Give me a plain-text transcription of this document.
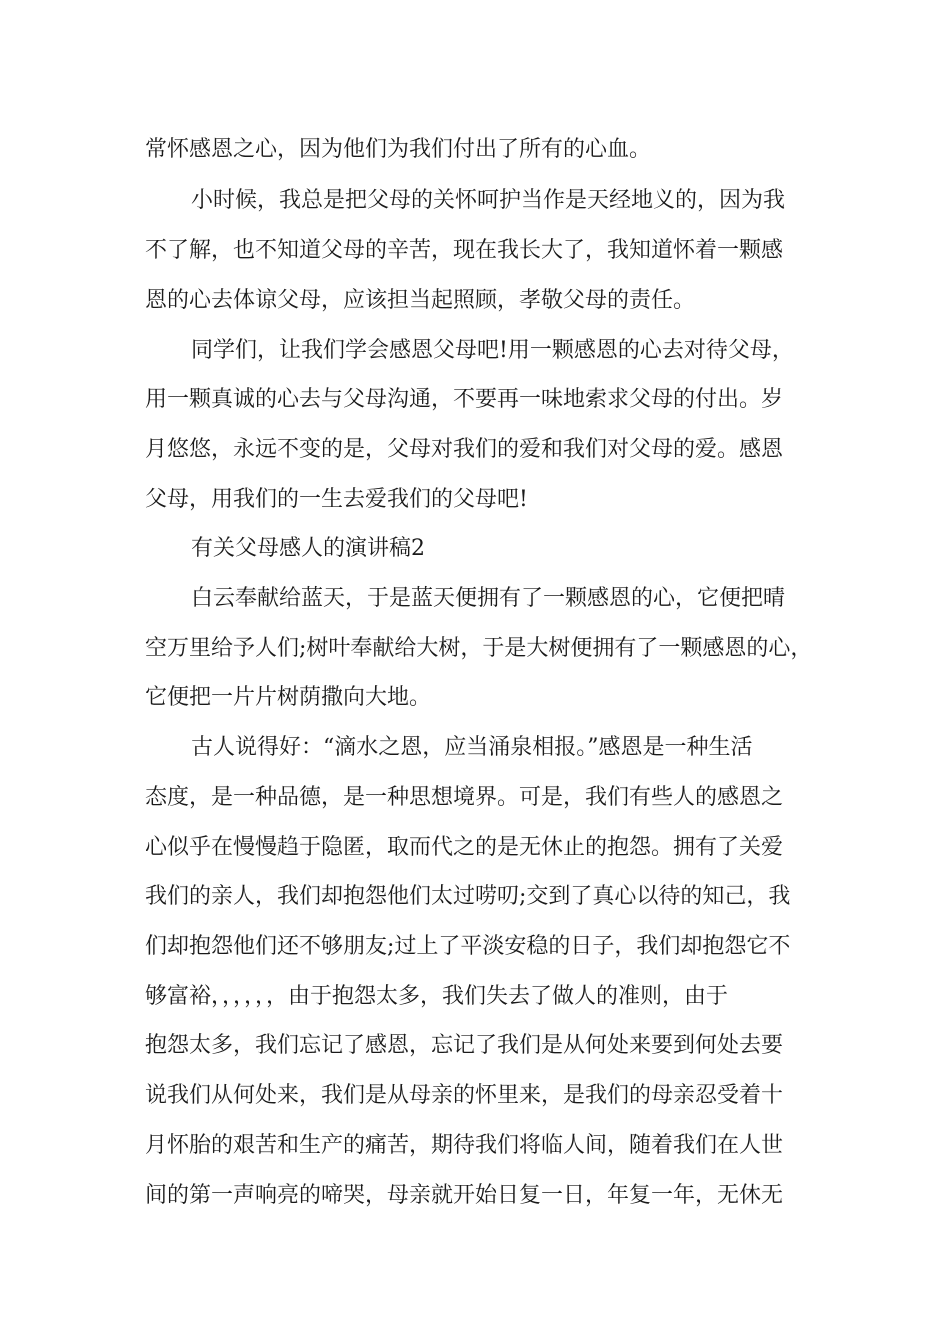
常怀感恩之心，因为他们为我们付出了所有的心血。

小时候，我总是把父母的关怀呵护当作是天经地义的，因为我

不了解，也不知道父母的辛苦，现在我长大了，我知道怀着一颗感

恩的心去体谅父母，应该担当起照顾，孝敬父母的责任。

同学们，让我们学会感恩父母吧!用一颗感恩的心去对待父母，

用一颗真诚的心去与父母沟通，不要再一味地索求父母的付出。岁

月悠悠，永远不变的是，父母对我们的爱和我们对父母的爱。感恩

父母，用我们的一生去爱我们的父母吧!

有关父母感人的演讲稿2

白云奉献给蓝天，于是蓝天便拥有了一颗感恩的心，它便把晴

空万里给予人们;树叶奉献给大树，于是大树便拥有了一颗感恩的心，

它便把一片片树荫撒向大地。

古人说得好：“滴水之恩，应当涌泉相报。”感恩是一种生活

态度，是一种品德，是一种思想境界。可是，我们有些人的感恩之

心似乎在慢慢趋于隐匿，取而代之的是无休止的抱怨。拥有了关爱

我们的亲人，我们却抱怨他们太过唠叨;交到了真心以待的知己，我

们却抱怨他们还不够朋友;过上了平淡安稳的日子，我们却抱怨它不

够富裕，，，，，，由于抱怨太多，我们失去了做人的准则，由于

抱怨太多，我们忘记了感恩，忘记了我们是从何处来要到何处去要

说我们从何处来，我们是从母亲的怀里来，是我们的母亲忍受着十

月怀胎的艰苦和生产的痛苦，期待我们将临人间，随着我们在人世

间的第一声响亮的啼哭，母亲就开始日复一日，年复一年，无休无
